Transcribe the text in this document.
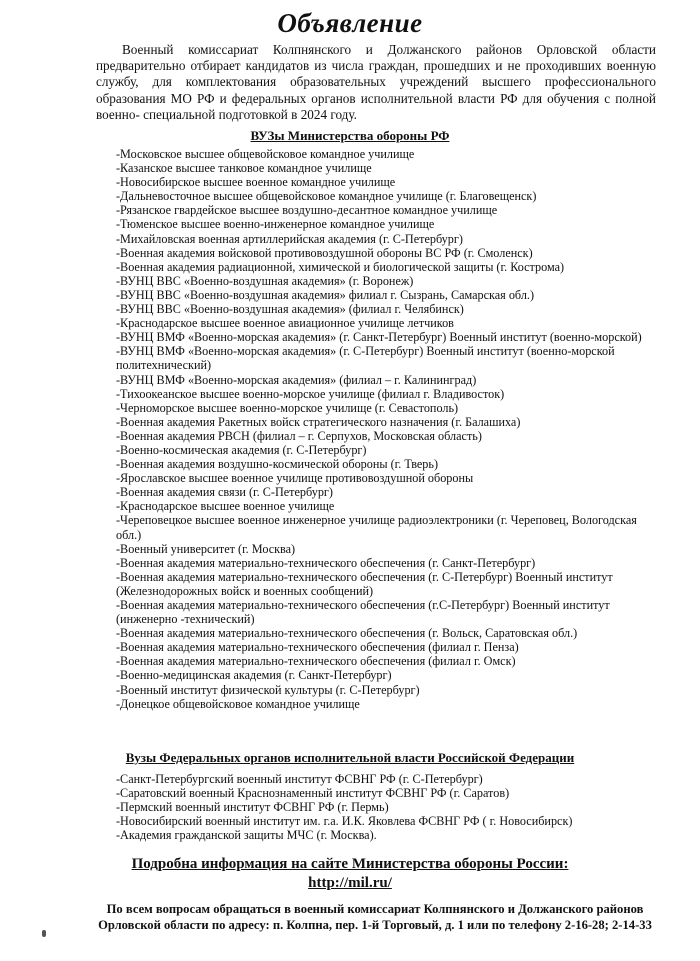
Объявление
Военный комиссариат Колпнянского и Должанского районов Орловской области предварительно отбирает кандидатов из числа граждан, прошедших и не проходивших военную службу, для комплектования образовательных учреждений высшего профессионального образования МО РФ и федеральных органов исполнительной власти РФ для обучения с полной военно- специальной подготовкой в 2024 году.
ВУЗы Министерства обороны РФ
-Московское высшее общевойсковое командное училище
-Казанское высшее танковое командное училище
-Новосибирское высшее военное командное училище
-Дальневосточное высшее общевойсковое командное училище (г. Благовещенск)
-Рязанское гвардейское высшее воздушно-десантное командное училище
-Тюменское высшее военно-инженерное командное училище
-Михайловская военная артиллерийская академия (г. С-Петербург)
-Военная академия войсковой противовоздушной обороны ВС РФ (г. Смоленск)
-Военная академия радиационной, химической и биологической защиты (г. Кострома)
-ВУНЦ ВВС «Военно-воздушная академия» (г. Воронеж)
-ВУНЦ ВВС «Военно-воздушная академия» филиал г. Сызрань, Самарская обл.)
-ВУНЦ ВВС «Военно-воздушная академия» (филиал г. Челябинск)
-Краснодарское высшее военное авиационное училище летчиков
-ВУНЦ ВМФ «Военно-морская академия» (г. Санкт-Петербург) Военный институт (военно-морской)
-ВУНЦ ВМФ «Военно-морская академия» (г. С-Петербург) Военный институт (военно-морской политехнический)
-ВУНЦ ВМФ «Военно-морская академия» (филиал – г. Калининград)
-Тихоокеанское высшее военно-морское училище (филиал г. Владивосток)
-Черноморское высшее военно-морское училище (г. Севастополь)
-Военная академия Ракетных войск стратегического назначения (г. Балашиха)
-Военная академия РВСН (филиал – г. Серпухов, Московская область)
-Военно-космическая академия (г. С-Петербург)
-Военная академия воздушно-космической обороны (г. Тверь)
-Ярославское высшее военное училище противовоздушной обороны
-Военная академия связи (г. С-Петербург)
-Краснодарское высшее военное училище
-Череповецкое высшее военное инженерное училище радиоэлектроники (г. Череповец, Вологодская обл.)
-Военный университет (г. Москва)
-Военная академия материально-технического обеспечения (г. Санкт-Петербург)
-Военная академия материально-технического обеспечения (г. С-Петербург) Военный институт (Железнодорожных войск и военных сообщений)
-Военная академия материально-технического обеспечения (г.С-Петербург) Военный институт (инженерно -технический)
-Военная академия материально-технического обеспечения (г. Вольск, Саратовская обл.)
-Военная академия материально-технического обеспечения (филиал г. Пенза)
-Военная академия материально-технического обеспечения (филиал г. Омск)
-Военно-медицинская академия (г. Санкт-Петербург)
-Военный институт физической культуры (г. С-Петербург)
-Донецкое общевойсковое командное училище
Вузы Федеральных органов исполнительной власти Российской Федерации
-Санкт-Петербургский военный институт ФСВНГ РФ (г. С-Петербург)
-Саратовский военный Краснознаменный институт ФСВНГ РФ (г. Саратов)
-Пермский военный институт ФСВНГ РФ (г. Пермь)
-Новосибирский военный институт им. г.а. И.К. Яковлева ФСВНГ РФ ( г. Новосибирск)
-Академия гражданской защиты МЧС (г. Москва).
Подробна информация на сайте Министерства обороны России:
http://mil.ru/
По всем вопросам обращаться в военный комиссариат Колпнянского и Должанского районов Орловской области по адресу: п. Колпна, пер. 1-й Торговый, д. 1 или по телефону 2-16-28; 2-14-33
